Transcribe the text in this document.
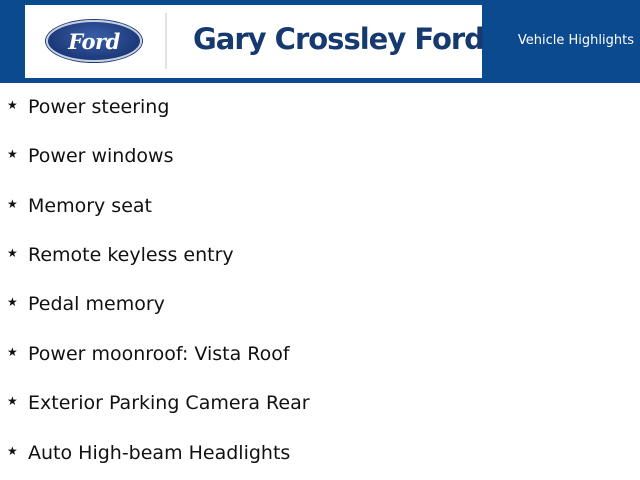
Ford	Gary Crossley Ford	Vehicle Highlights
★ Power steering
★ Power windows
★ Memory seat
★ Remote keyless entry
★ Pedal memory
★ Power moonroof: Vista Roof
★ Exterior Parking Camera Rear
★ Auto High-beam Headlights
